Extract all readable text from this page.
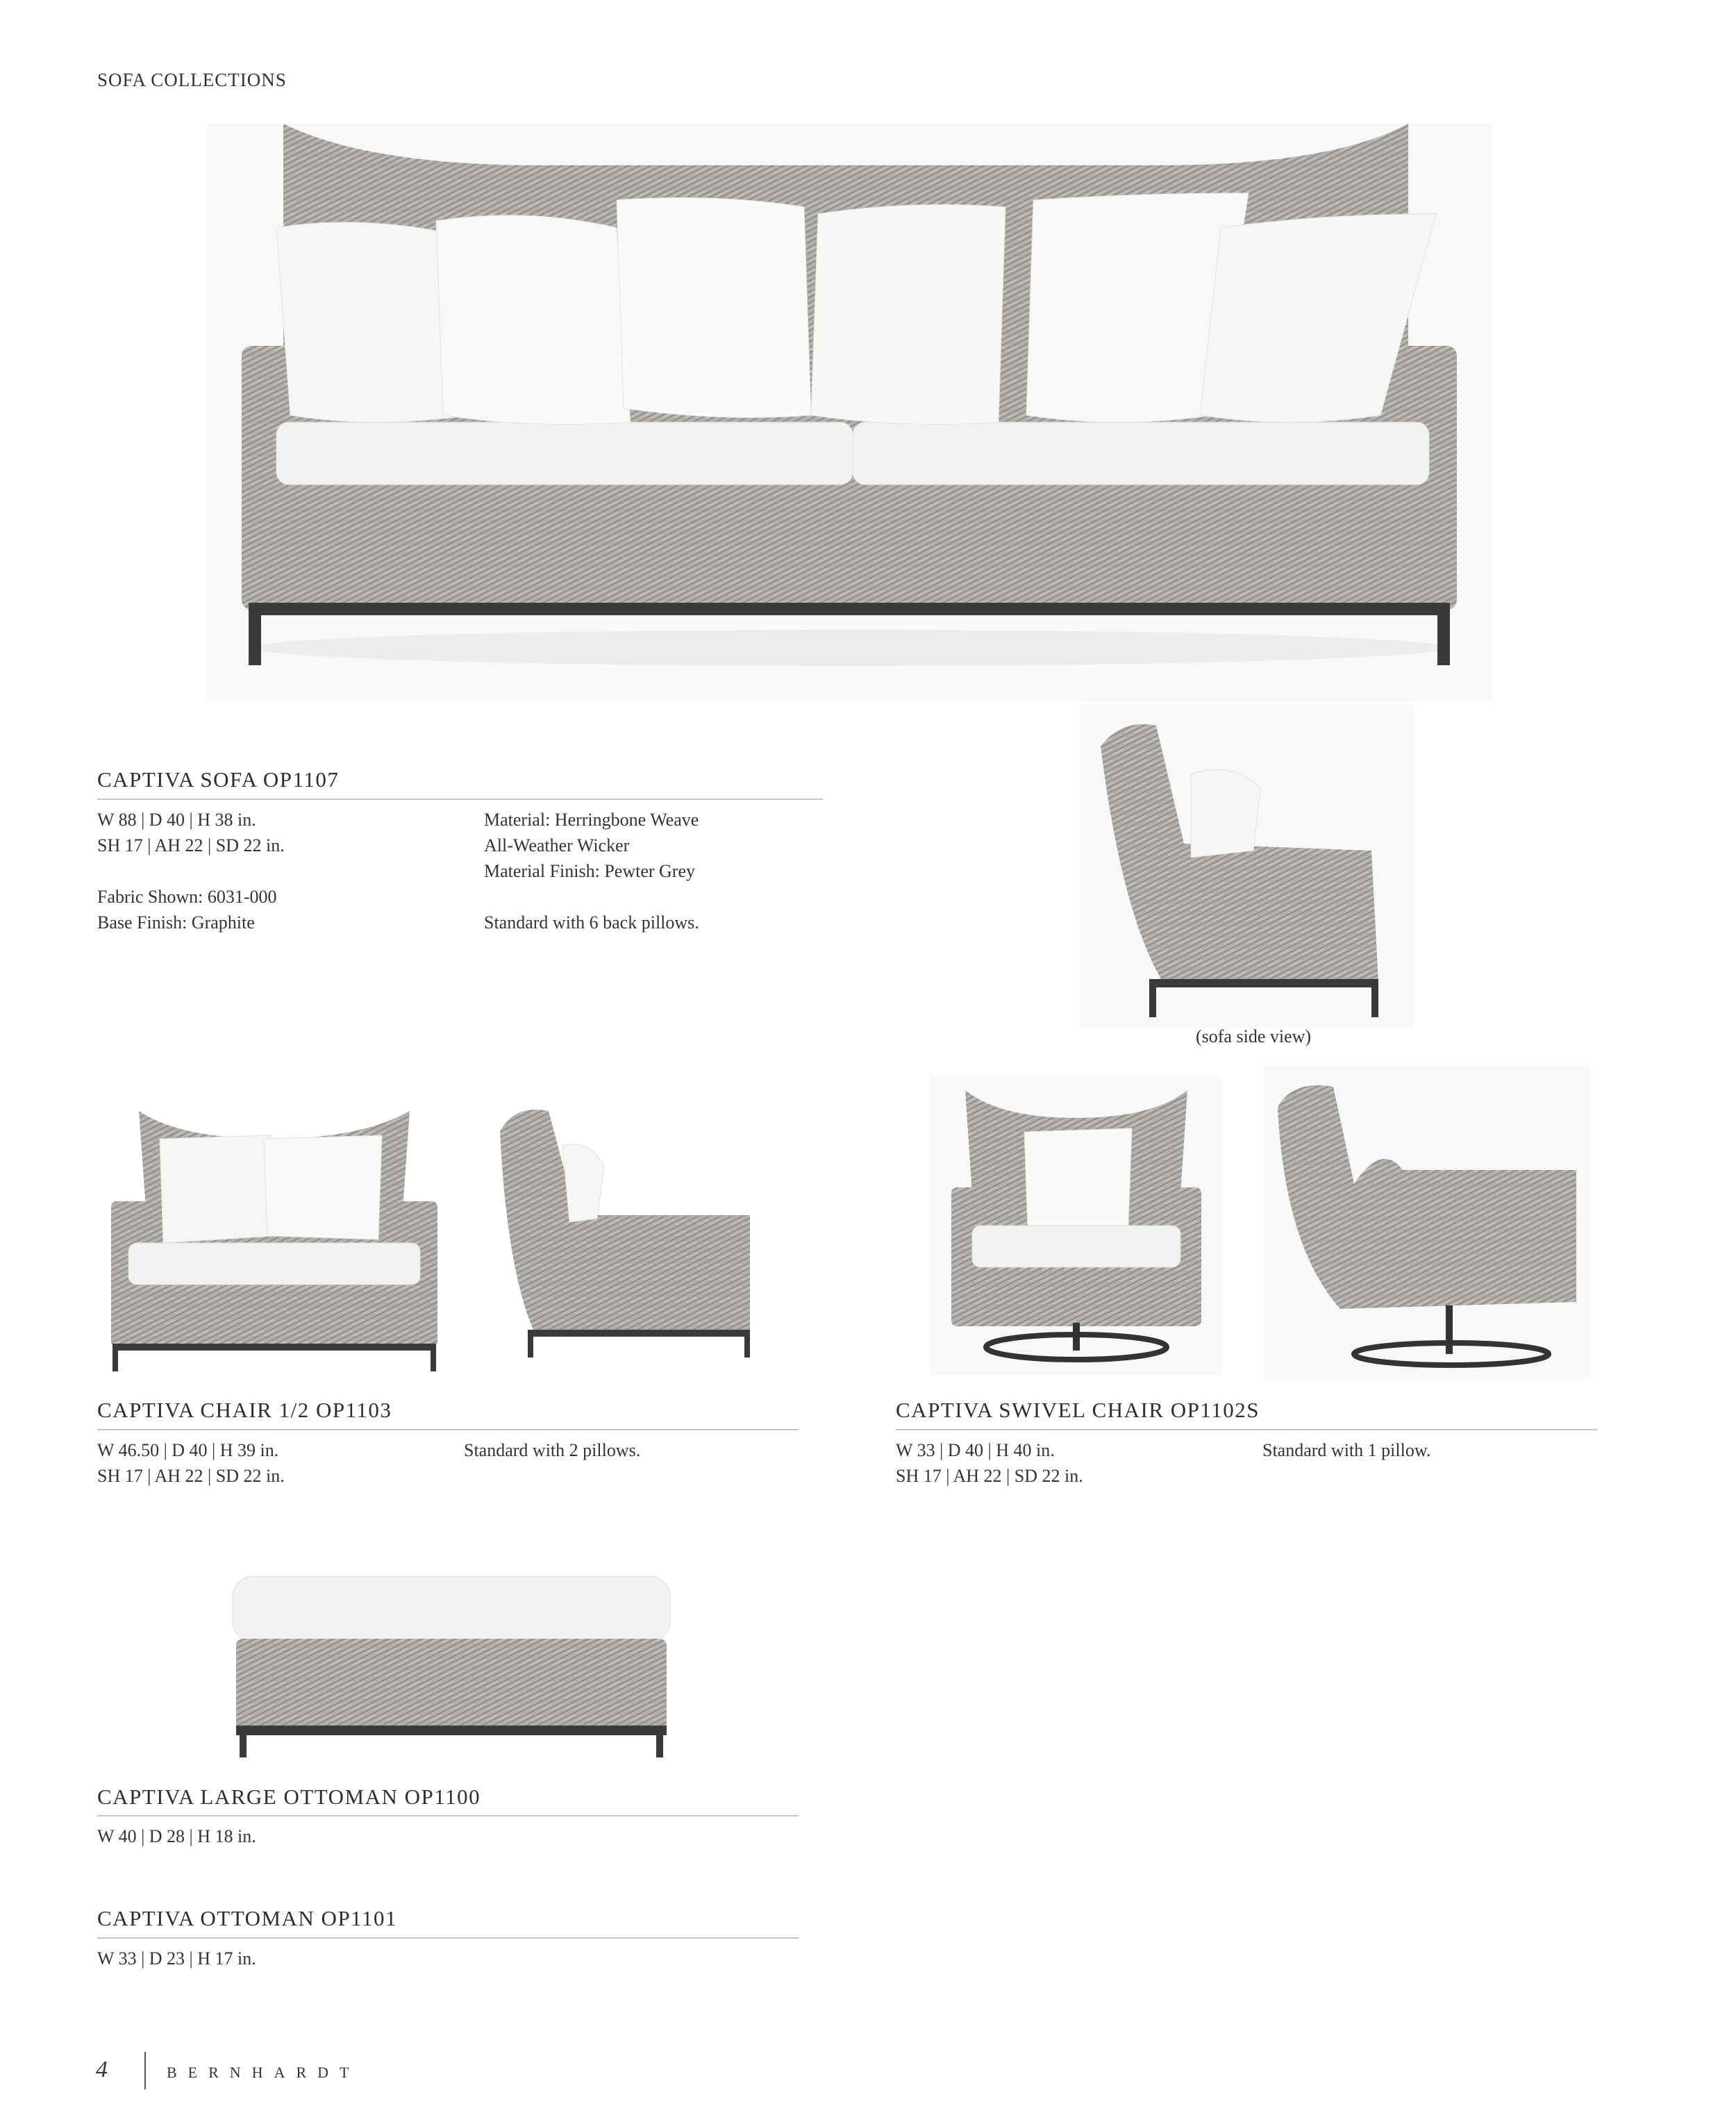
SOFA COLLECTIONS
CAPTIVA SOFA OP1107
W 88 | D 40 | H 38 in.
SH 17 | AH 22 | SD 22 in.
Fabric Shown: 6031-000
Base Finish: Graphite
Material: Herringbone Weave
All-Weather Wicker
Material Finish: Pewter Grey
Standard with 6 back pillows.
(sofa side view)
CAPTIVA CHAIR 1/2 OP1103
W 46.50 | D 40 | H 39 in.
SH 17 | AH 22 | SD 22 in.
Standard with 2 pillows.
CAPTIVA SWIVEL CHAIR OP1102S
W 33 | D 40 | H 40 in.
SH 17 | AH 22 | SD 22 in.
Standard with 1 pillow.
CAPTIVA LARGE OTTOMAN OP1100
W 40 | D 28 | H 18 in.
CAPTIVA OTTOMAN OP1101
W 33 | D 23 | H 17 in.
4	BERNHARDT
